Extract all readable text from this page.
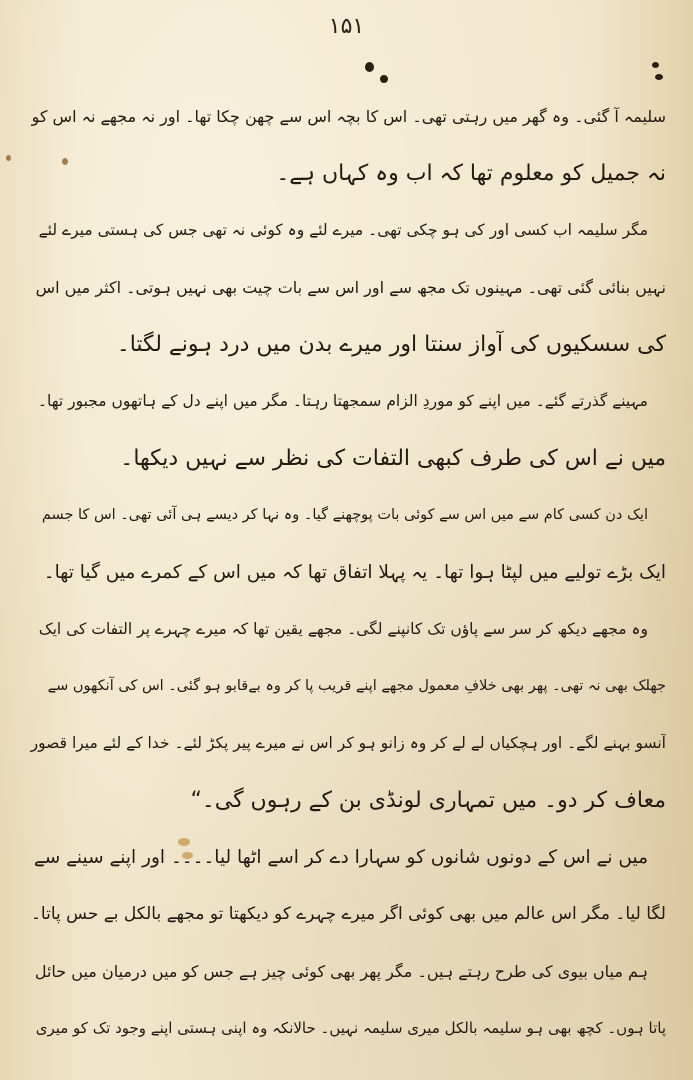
۱۵۱
سلیمہ آ گئی۔ وہ گھر میں رہتی تھی۔ اس کا بچہ اس سے چھن چکا تھا۔ اور نہ مجھے نہ اس کو
نہ جمیل کو معلوم تھا کہ اب وہ کہاں ہے۔
مگر سلیمہ اب کسی اور کی ہو چکی تھی۔ میرے لئے وہ کوئی نہ تھی جس کی ہستی میرے لئے
نہیں بنائی گئی تھی۔ مہینوں تک مجھ سے اور اس سے بات چیت بھی نہیں ہوتی۔ اکثر میں اس
کی سسکیوں کی آواز سنتا اور میرے بدن میں درد ہونے لگتا۔
مہینے گذرتے گئے۔ میں اپنے کو موردِ الزام سمجھتا رہتا۔ مگر میں اپنے دل کے ہاتھوں مجبور تھا۔
میں نے اس کی طرف کبھی التفات کی نظر سے نہیں دیکھا۔
ایک دن کسی کام سے میں اس سے کوئی بات پوچھنے گیا۔ وہ نہا کر دیسے ہی آئی تھی۔ اس کا جسم
ایک بڑے تولیے میں لپٹا ہوا تھا۔ یہ پہلا اتفاق تھا کہ میں اس کے کمرے میں گیا تھا۔
وہ مجھے دیکھ کر سر سے پاؤں تک کانپنے لگی۔ مجھے یقین تھا کہ میرے چہرے پر التفات کی ایک
جھلک بھی نہ تھی۔ پھر بھی خلافِ معمول مجھے اپنے قریب پا کر وہ بےقابو ہو گئی۔ اس کی آنکھوں سے
آنسو بہنے لگے۔ اور ہچکیاں لے لے کر وہ زانو ہو کر اس نے میرے پیر پکڑ لئے۔ خدا کے لئے میرا قصور
معاف کر دو۔ میں تمہاری لونڈی بن کے رہوں گی۔“
میں نے اس کے دونوں شانوں کو سہارا دے کر اسے اٹھا لیا۔۔۔۔ اور اپنے سینے سے
لگا لیا۔ مگر اس عالم میں بھی کوئی اگر میرے چہرے کو دیکھتا تو مجھے بالکل بے حس پاتا۔
ہم میاں بیوی کی طرح رہتے ہیں۔ مگر پھر بھی کوئی چیز ہے جس کو میں درمیان میں حائل
پاتا ہوں۔ کچھ بھی ہو سلیمہ بالکل میری سلیمہ نہیں۔ حالانکہ وہ اپنی ہستی اپنے وجود تک کو میری
